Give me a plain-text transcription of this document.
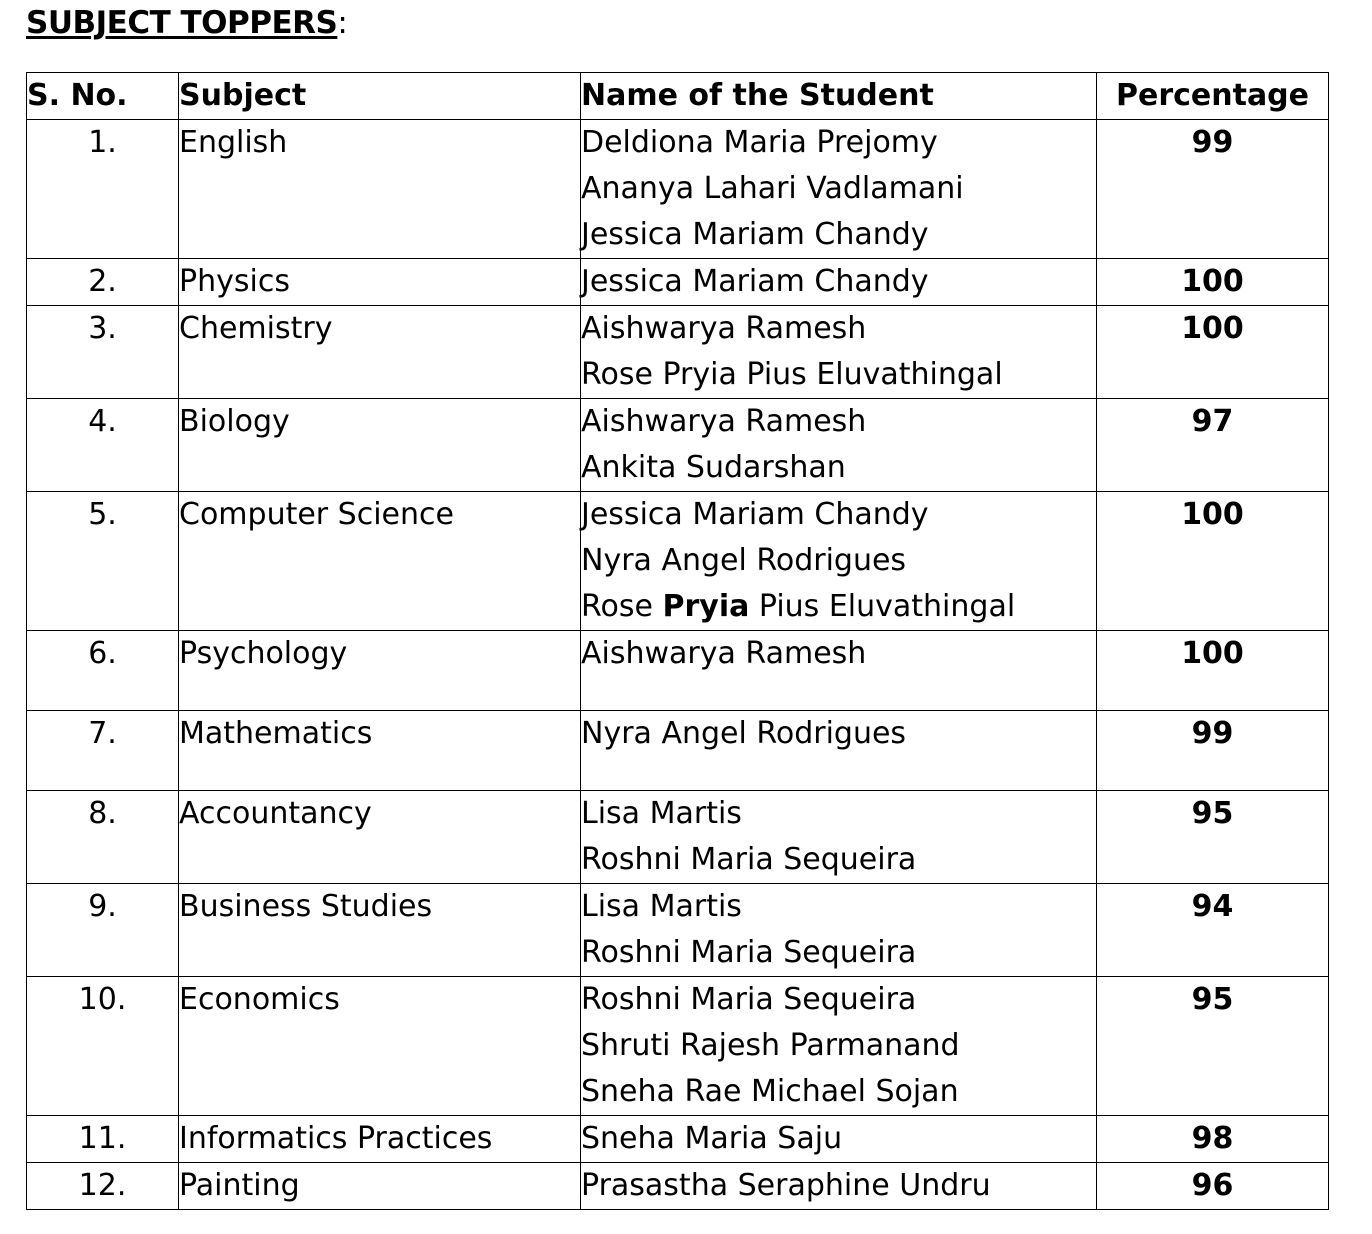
SUBJECT TOPPERS:
S. No.	Subject	Name of the Student	Percentage
1.	English	Deldiona Maria Prejomy
Ananya Lahari Vadlamani
Jessica Mariam Chandy	99
2.	Physics	Jessica Mariam Chandy	100
3.	Chemistry	Aishwarya Ramesh
Rose Pryia Pius Eluvathingal	100
4.	Biology	Aishwarya Ramesh
Ankita Sudarshan	97
5.	Computer Science	Jessica Mariam Chandy
Nyra Angel Rodrigues
Rose Pryia Pius Eluvathingal	100
6.	Psychology	Aishwarya Ramesh	100
7.	Mathematics	Nyra Angel Rodrigues	99
8.	Accountancy	Lisa Martis
Roshni Maria Sequeira	95
9.	Business Studies	Lisa Martis
Roshni Maria Sequeira	94
10.	Economics	Roshni Maria Sequeira
Shruti Rajesh Parmanand
Sneha Rae Michael Sojan	95
11.	Informatics Practices	Sneha Maria Saju	98
12.	Painting	Prasastha Seraphine Undru	96
